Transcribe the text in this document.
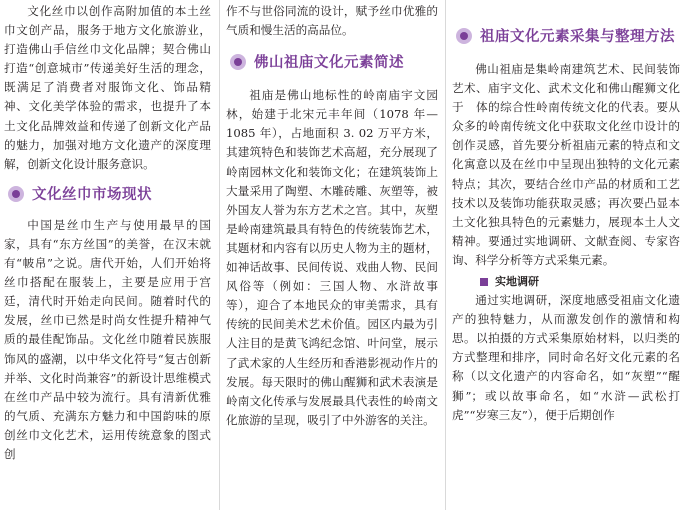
文化丝巾以创作高附加值的本土丝巾文创产品，服务于地方文化旅游业，打造佛山手信丝巾文化品牌；契合佛山打造“创意城市”传递美好生活的理念，既满足了消费者对服饰文化、饰品精神、文化美学体验的需求，也提升了本土文化品牌效益和传递了创新文化产品的魅力，加强对地方文化遗产的深度理解，创新文化设计服务意识。

文化丝巾市场现状

中国是丝巾生产与使用最早的国家，具有“东方丝国”的美誉，在汉末就有“帔帛”之说。唐代开始，人们开始将丝巾搭配在服装上，主要是应用于宫廷，清代时开始走向民间。随着时代的发展，丝巾已然是时尚女性提升精神气质的最佳配饰品。文化丝巾随着民族服饰风的盛潮，以中华文化符号“复古创新并举、文化时尚兼容”的新设计思维模式在丝巾产品中较为流行。具有清新优雅的气质、充满东方魅力和中国韵味的原创丝巾文化艺术，运用传统意象的图式创

作不与世俗同流的设计，赋予丝巾优雅的气质和慢生活的高品位。

佛山祖庙文化元素简述

祖庙是佛山地标性的岭南庙宇文园林，始建于北宋元丰年间（1078 年—1085 年），占地面积 3. 02 万平方米，其建筑特色和装饰艺术高超，充分展现了岭南园林文化和装饰文化；在建筑装饰上大量采用了陶塑、木雕砖雕、灰塑等，被外国友人誉为东方艺术之宫。其中，灰塑是岭南建筑最具有特色的传统装饰艺术，其题材和内容有以历史人物为主的题材，如神话故事、民间传说、戏曲人物、民间风俗等（例如：三国人物、水浒故事等），迎合了本地民众的审美需求，具有传统的民间美术艺术价值。园区内最为引人注目的是黄飞鸿纪念馆、叶问堂，展示了武术家的人生经历和香港影视动作片的发展。每天限时的佛山醒狮和武术表演是岭南文化传承与发展最具代表性的岭南文化旅游的呈现，吸引了中外游客的关注。

祖庙文化元素采集与整理方法

佛山祖庙是集岭南建筑艺术、民间装饰艺术、庙宇文化、武术文化和佛山醒狮文化于　体的综合性岭南传统文化的代表。要从众多的岭南传统文化中获取文化丝巾设计的创作灵感，首先要分析祖庙元素的特点和文化寓意以及在丝巾中呈现出独特的文化元素特点；其次，要结合丝巾产品的材质和工艺技术以及装饰功能获取灵感；再次要凸显本土文化独具特色的元素魅力，展现本土人文精神。要通过实地调研、文献查阅、专家咨询、科学分析等方式采集元素。

实地调研

通过实地调研，深度地感受祖庙文化遗产的独特魅力，从而激发创作的激情和构思。以拍摄的方式采集原始材料，以归类的方式整理和排序，同时命名好文化元素的名称（以文化遗产的内容命名，如“灰塑”“醒狮”；或以故事命名，如“水浒—武松打虎”“岁寒三友”），便于后期创作
